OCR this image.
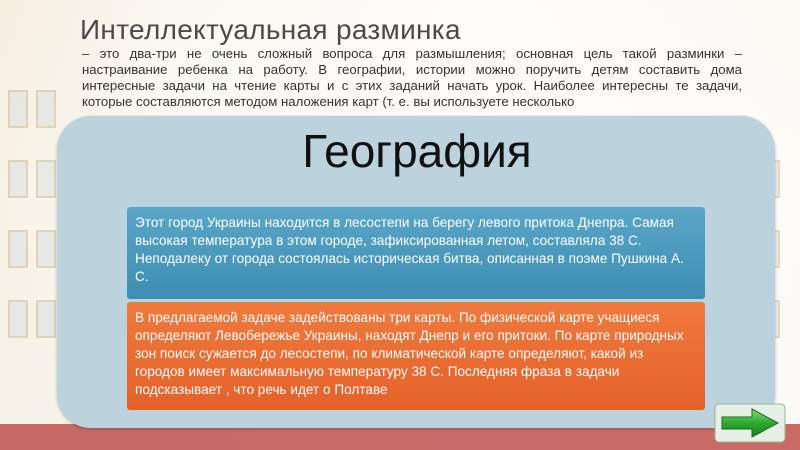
Интеллектуальная разминка
– это два-три не очень сложный вопроса для размышления; основная цель такой разминки – настраивание ребенка на работу. В географии, истории можно поручить детям составить дома интересные задачи на чтение карты и с этих заданий начать урок. Наиболее интересны те задачи, которые составляются методом наложения карт (т. е. вы используете несколько
География
Этот город Украины находится в лесостепи на берегу левого притока Днепра. Самая высокая температура в этом городе, зафиксированная летом, составляла 38 С. Неподалеку от города состоялась историческая битва, описанная в поэме Пушкина А. С.
В предлагаемой задаче задействованы три карты. По физической карте учащиеся определяют Левобережье Украины, находят Днепр и его притоки. По карте природных зон поиск сужается до лесостепи, по климатической карте определяют, какой из городов имеет максимальную температуру 38 С. Последняя фраза в задачи подсказывает , что речь идет о Полтаве
